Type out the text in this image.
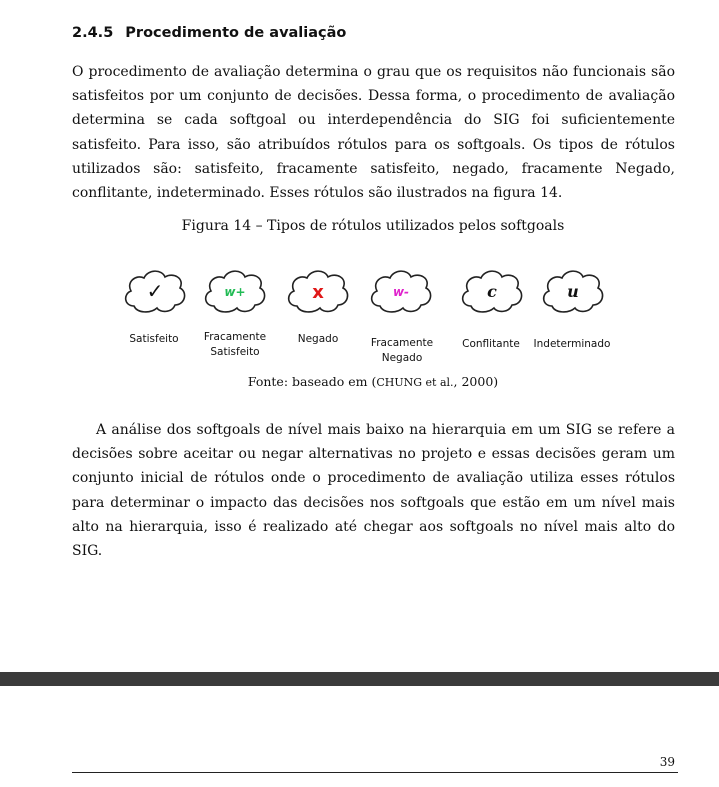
2.4.5 Procedimento de avaliação

O procedimento de avaliação determina o grau que os requisitos não funcionais são satisfeitos por um conjunto de decisões. Dessa forma, o procedimento de avaliação determina se cada softgoal ou interdependência do SIG foi suficientemente satisfeito. Para isso, são atribuídos rótulos para os softgoals. Os tipos de rótulos utilizados são: satisfeito, fracamente satisfeito, negado, fracamente Negado, conflitante, indeterminado. Esses rótulos são ilustrados na figura 14.

Figura 14 – Tipos de rótulos utilizados pelos softgoals

✓	w+	x	w-	c	u
Satisfeito	Fracamente
Satisfeito
Negado	Fracamente
Negado
Conflitante	Indeterminado

Fonte: baseado em (CHUNG et al., 2000)

A análise dos softgoals de nível mais baixo na hierarquia em um SIG se refere a decisões sobre aceitar ou negar alternativas no projeto e essas decisões geram um conjunto inicial de rótulos onde o procedimento de avaliação utiliza esses rótulos para determinar o impacto das decisões nos softgoals que estão em um nível mais alto na hierarquia, isso é realizado até chegar aos softgoals no nível mais alto do SIG.

39
